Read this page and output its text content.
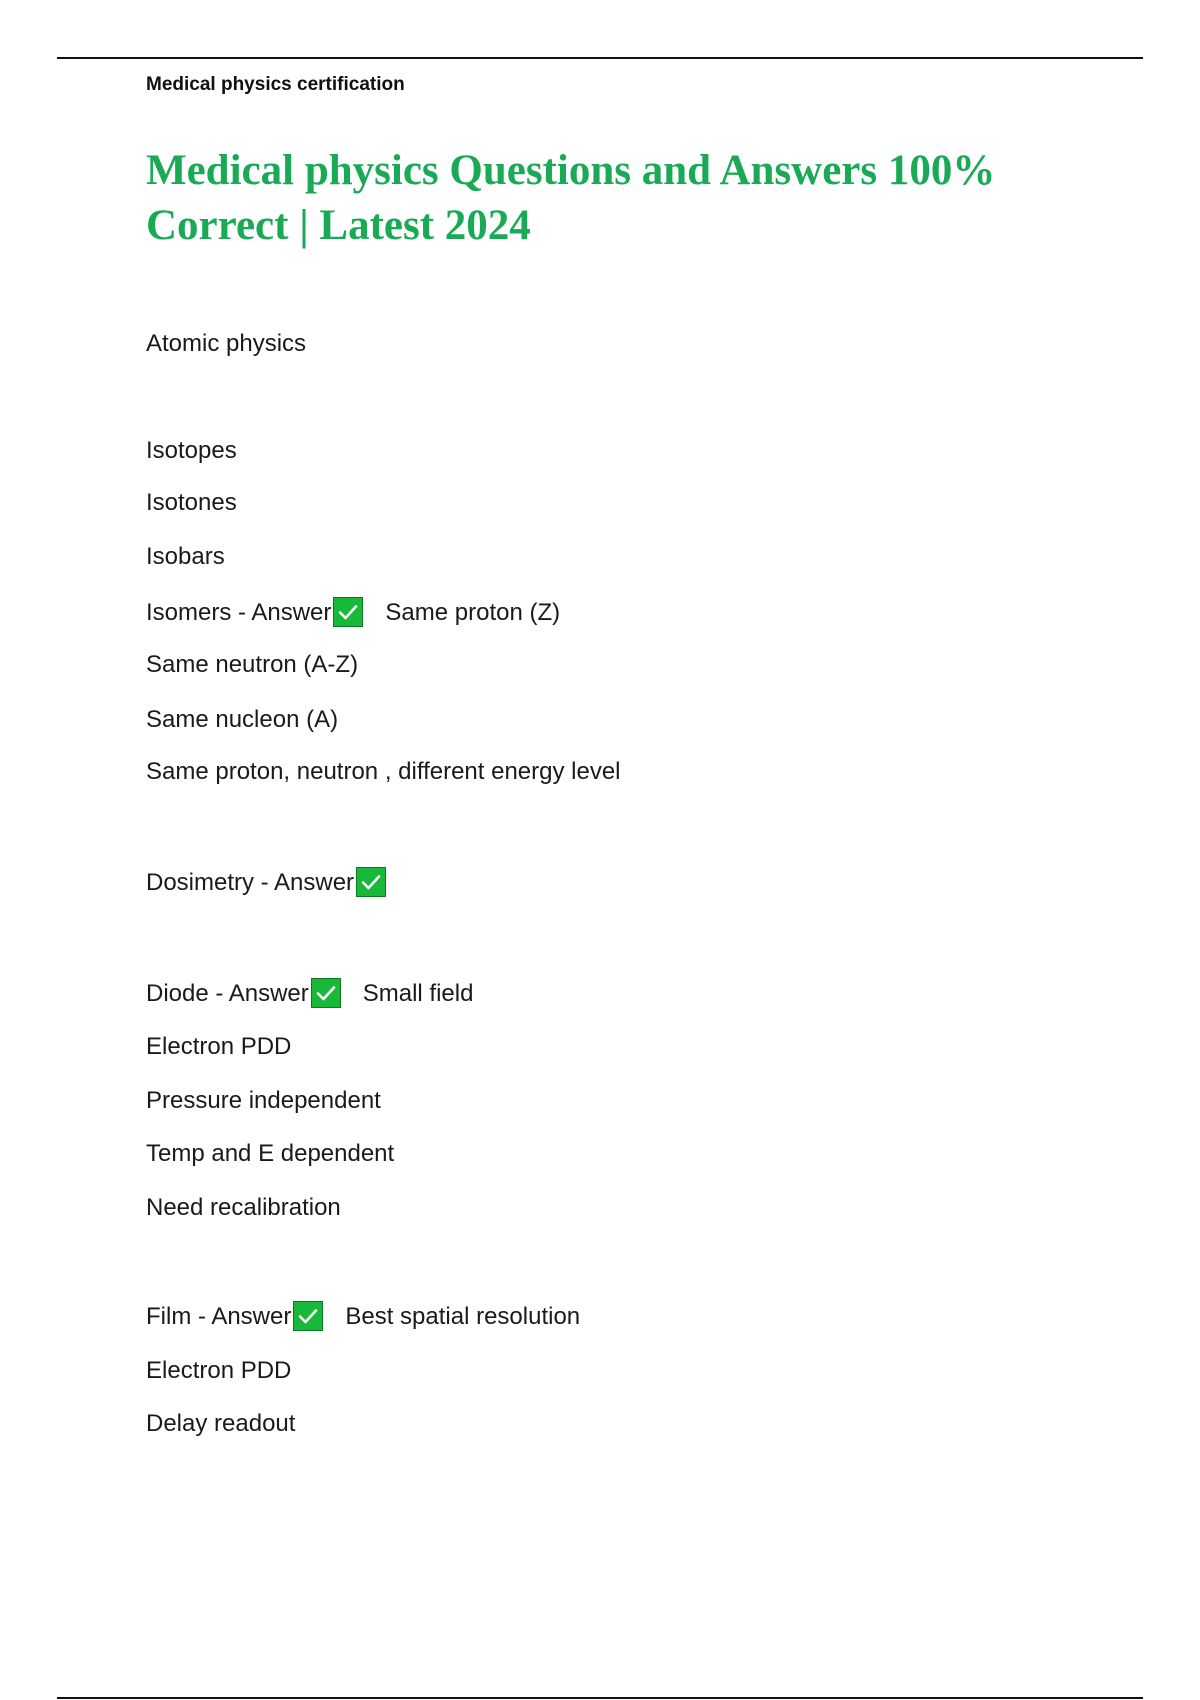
Medical physics certification

Medical physics Questions and Answers 100% Correct | Latest 2024
Atomic physics
Isotopes
Isotones
Isobars
Isomers - Answer Same proton (Z)
Same neutron (A-Z)
Same nucleon (A)
Same proton, neutron , different energy level
Dosimetry - Answer
Diode - Answer Small field
Electron PDD
Pressure independent
Temp and E dependent
Need recalibration
Film - Answer Best spatial resolution
Electron PDD
Delay readout
